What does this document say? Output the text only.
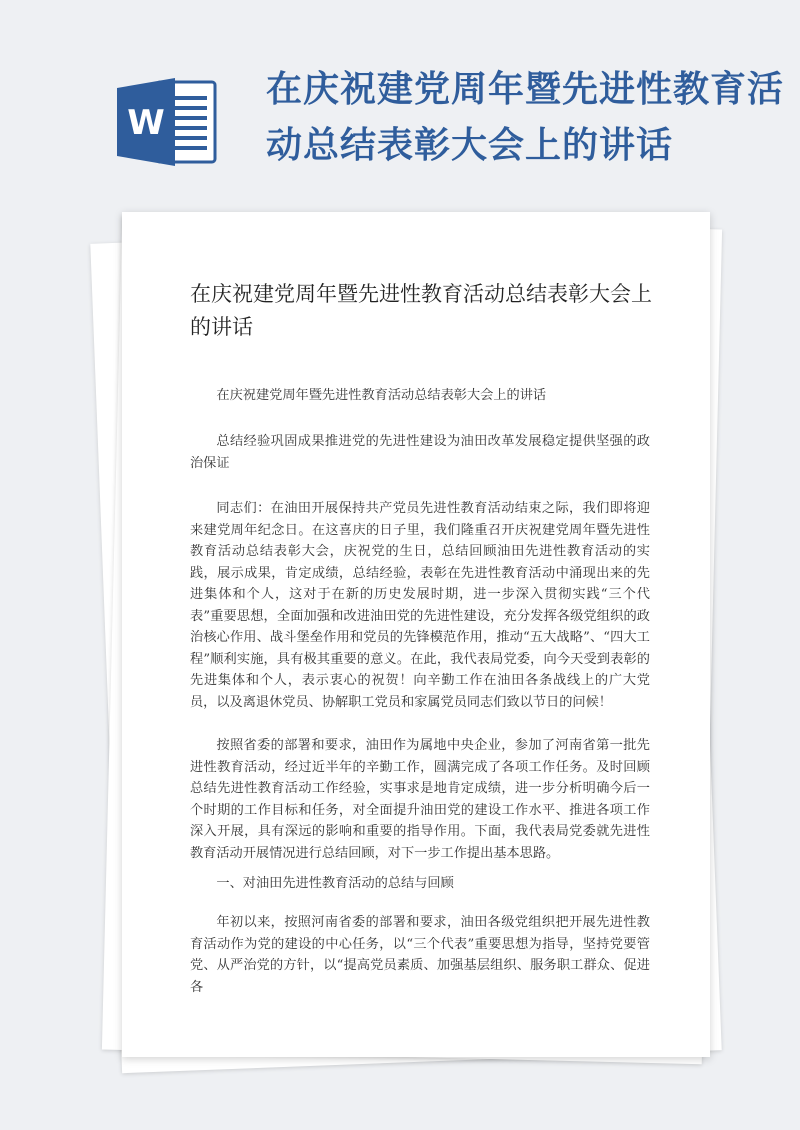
W
在庆祝建党周年暨先进性教育活动总结表彰大会上的讲话
在庆祝建党周年暨先进性教育活动总结表彰大会上的讲话

在庆祝建党周年暨先进性教育活动总结表彰大会上的讲话

总结经验巩固成果推进党的先进性建设为油田改革发展稳定提供坚强的政治保证

同志们：在油田开展保持共产党员先进性教育活动结束之际，我们即将迎来建党周年纪念日。在这喜庆的日子里，我们隆重召开庆祝建党周年暨先进性教育活动总结表彰大会，庆祝党的生日，总结回顾油田先进性教育活动的实践，展示成果，肯定成绩，总结经验，表彰在先进性教育活动中涌现出来的先进集体和个人，这对于在新的历史发展时期，进一步深入贯彻实践“三个代表”重要思想，全面加强和改进油田党的先进性建设，充分发挥各级党组织的政治核心作用、战斗堡垒作用和党员的先锋模范作用，推动“五大战略”、“四大工程”顺利实施，具有极其重要的意义。在此，我代表局党委，向今天受到表彰的先进集体和个人，表示衷心的祝贺！向辛勤工作在油田各条战线上的广大党员，以及离退休党员、协解职工党员和家属党员同志们致以节日的问候！

按照省委的部署和要求，油田作为属地中央企业，参加了河南省第一批先进性教育活动，经过近半年的辛勤工作，圆满完成了各项工作任务。及时回顾总结先进性教育活动工作经验，实事求是地肯定成绩，进一步分析明确今后一个时期的工作目标和任务，对全面提升油田党的建设工作水平、推进各项工作深入开展，具有深远的影响和重要的指导作用。下面，我代表局党委就先进性教育活动开展情况进行总结回顾，对下一步工作提出基本思路。

一、对油田先进性教育活动的总结与回顾

年初以来，按照河南省委的部署和要求，油田各级党组织把开展先进性教育活动作为党的建设的中心任务，以“三个代表”重要思想为指导，坚持党要管党、从严治党的方针，以“提高党员素质、加强基层组织、服务职工群众、促进各
